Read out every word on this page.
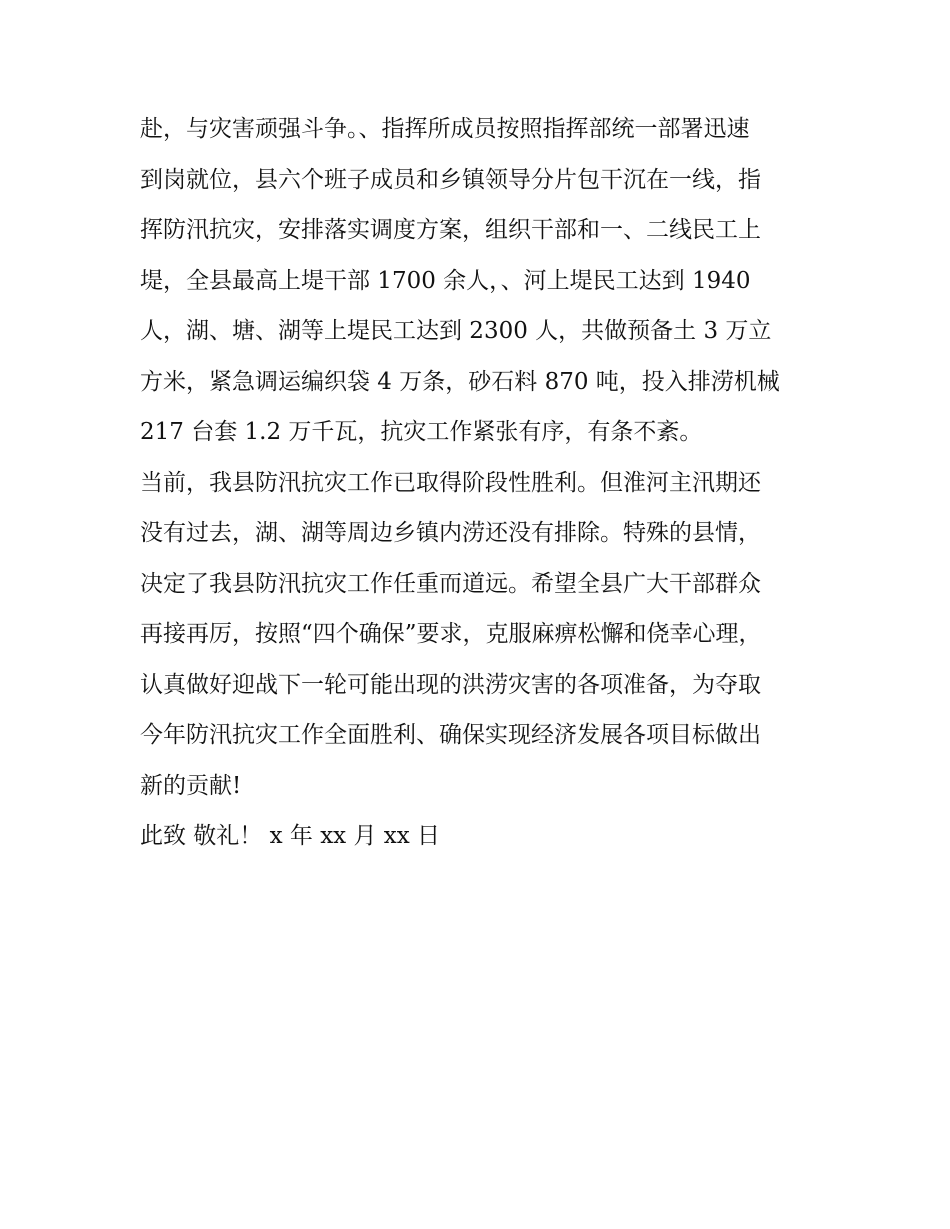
赴，与灾害顽强斗争。、指挥所成员按照指挥部统一部署迅速
到岗就位，县六个班子成员和乡镇领导分片包干沉在一线，指
挥防汛抗灾，安排落实调度方案，组织干部和一、二线民工上
堤，全县最高上堤干部 1700 余人，、河上堤民工达到 1940
人，湖、塘、湖等上堤民工达到 2300 人，共做预备土 3 万立
方米，紧急调运编织袋 4 万条，砂石料 870 吨，投入排涝机械
217 台套 1.2 万千瓦，抗灾工作紧张有序，有条不紊。
当前，我县防汛抗灾工作已取得阶段性胜利。但淮河主汛期还
没有过去，湖、湖等周边乡镇内涝还没有排除。特殊的县情，
决定了我县防汛抗灾工作任重而道远。希望全县广大干部群众
再接再厉，按照“四个确保”要求，克服麻痹松懈和侥幸心理，
认真做好迎战下一轮可能出现的洪涝灾害的各项准备，为夺取
今年防汛抗灾工作全面胜利、确保实现经济发展各项目标做出
新的贡献!
此致 敬礼！ x 年 xx 月 xx 日
